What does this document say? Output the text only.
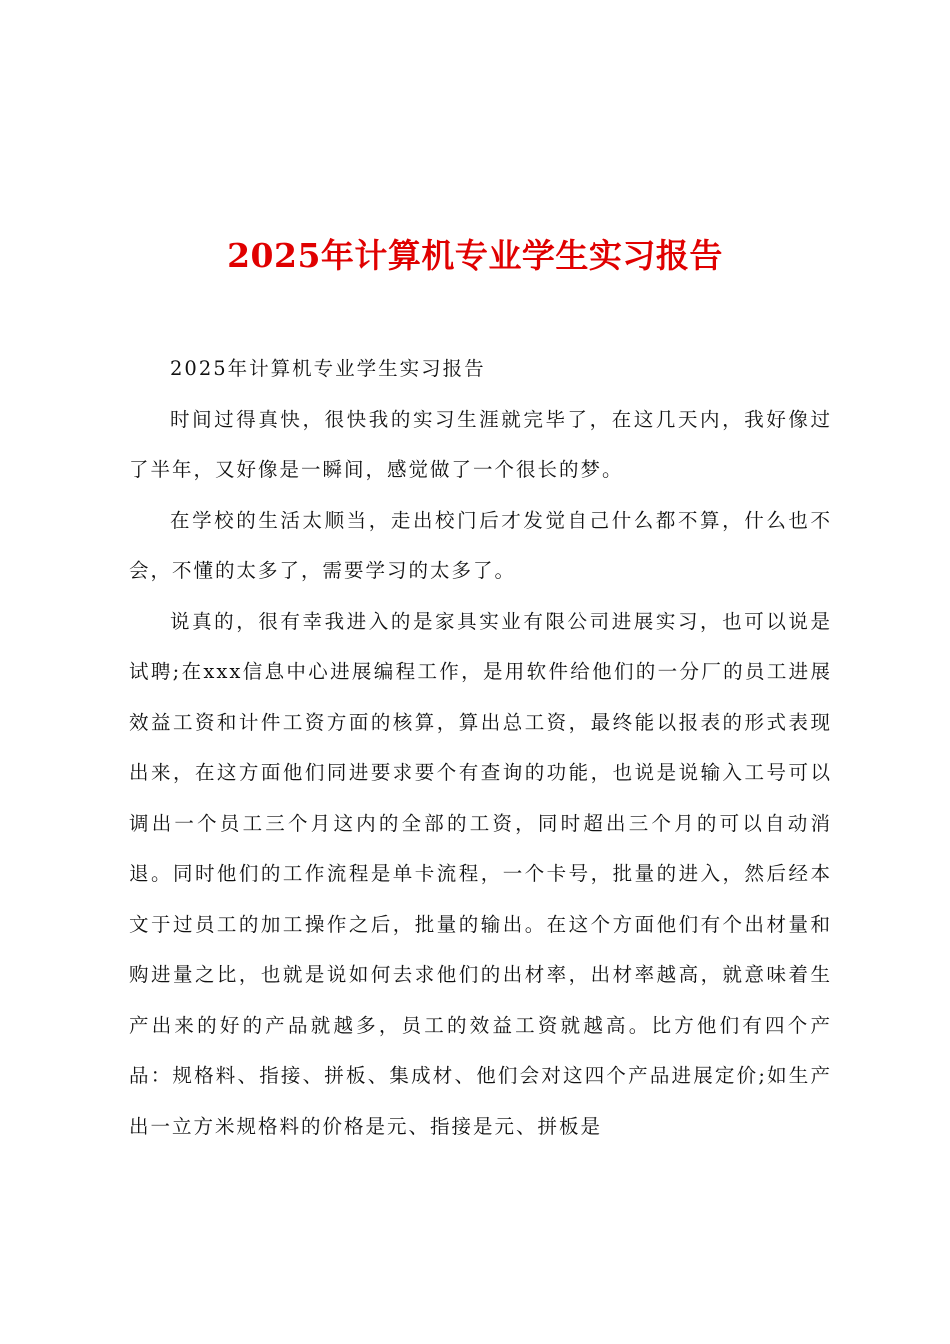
2025年计算机专业学生实习报告

2025年计算机专业学生实习报告

时间过得真快，很快我的实习生涯就完毕了，在这几天内，我好像过了半年，又好像是一瞬间，感觉做了一个很长的梦。

在学校的生活太顺当，走出校门后才发觉自己什么都不算，什么也不会，不懂的太多了，需要学习的太多了。

说真的，很有幸我进入的是家具实业有限公司进展实习，也可以说是试聘;在xxx信息中心进展编程工作，是用软件给他们的一分厂的员工进展效益工资和计件工资方面的核算，算出总工资，最终能以报表的形式表现出来，在这方面他们同进要求要个有查询的功能，也说是说输入工号可以调出一个员工三个月这内的全部的工资，同时超出三个月的可以自动消退。同时他们的工作流程是单卡流程，一个卡号，批量的进入，然后经本文于过员工的加工操作之后，批量的输出。在这个方面他们有个出材量和购进量之比，也就是说如何去求他们的出材率，出材率越高，就意味着生产出来的好的产品就越多，员工的效益工资就越高。比方他们有四个产品：规格料、指接、拼板、集成材、他们会对这四个产品进展定价;如生产出一立方米规格料的价格是元、指接是元、拼板是
